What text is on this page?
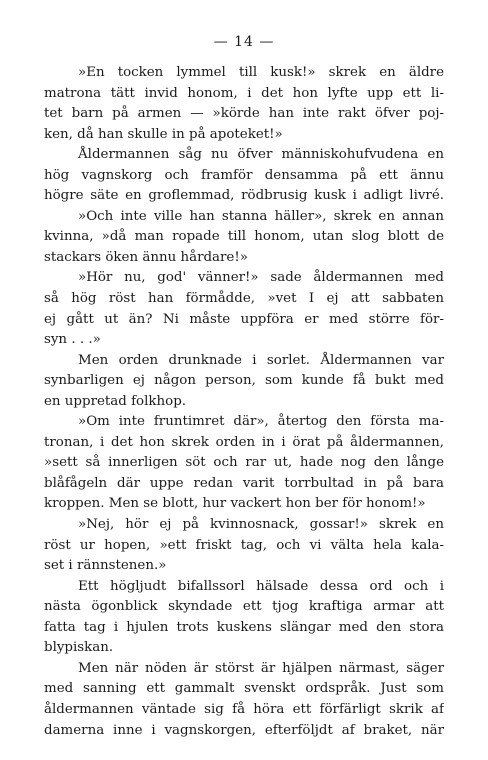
— 14 —
»En tocken lymmel till kusk!» skrek en äldre
matrona tätt invid honom, i det hon lyfte upp ett li-
tet barn på armen — »körde han inte rakt öfver poj-
ken, då han skulle in på apoteket!»
Åldermannen såg nu öfver människohufvudena en
hög vagnskorg och framför densamma på ett ännu
högre säte en groflemmad, rödbrusig kusk i adligt livré.
»Och inte ville han stanna häller», skrek en annan
kvinna, »då man ropade till honom, utan slog blott de
stackars öken ännu hårdare!»
»Hör nu, god' vänner!» sade åldermannen med
så hög röst han förmådde, »vet I ej att sabbaten
ej gått ut än? Ni måste uppföra er med större för-
syn . . .»
Men orden drunknade i sorlet. Åldermannen var
synbarligen ej någon person, som kunde få bukt med
en uppretad folkhop.
»Om inte fruntimret där», återtog den första ma-
tronan, i det hon skrek orden in i örat på åldermannen,
»sett så innerligen söt och rar ut, hade nog den långe
blåfågeln där uppe redan varit torrbultad in på bara
kroppen. Men se blott, hur vackert hon ber för honom!»
»Nej, hör ej på kvinnosnack, gossar!» skrek en
röst ur hopen, »ett friskt tag, och vi välta hela kala-
set i rännstenen.»
Ett högljudt bifallssorl hälsade dessa ord och i
nästa ögonblick skyndade ett tjog kraftiga armar att
fatta tag i hjulen trots kuskens slängar med den stora
blypiskan.
Men när nöden är störst är hjälpen närmast, säger
med sanning ett gammalt svenskt ordspråk. Just som
åldermannen väntade sig få höra ett förfärligt skrik af
damerna inne i vagnskorgen, efterföljdt af braket, när
